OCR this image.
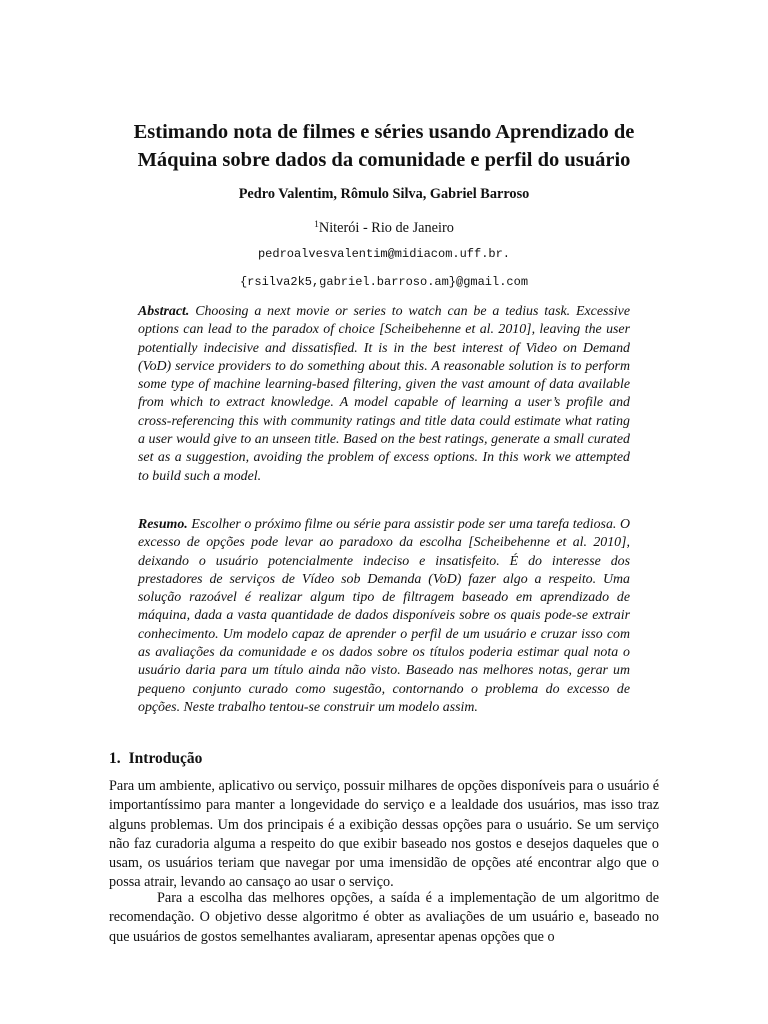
Estimando nota de filmes e séries usando Aprendizado de
Máquina sobre dados da comunidade e perfil do usuário
Pedro Valentim, Rômulo Silva, Gabriel Barroso
$^1$Niterói - Rio de Janeiro
pedroalvesvalentim@midiacom.uff.br.
{rsilva2k5,gabriel.barroso.am}@gmail.com
Abstract. Choosing a next movie or series to watch can be a tedius task. Excessive options can lead to the paradox of choice [Scheibehenne et al. 2010], leaving the user potentially indecisive and dissatisfied. It is in the best interest of Video on Demand (VoD) service providers to do something about this. A reasonable solution is to perform some type of machine learning-based filtering, given the vast amount of data available from which to extract knowledge. A model capable of learning a user’s profile and cross-referencing this with community ratings and title data could estimate what rating a user would give to an unseen title. Based on the best ratings, generate a small curated set as a suggestion, avoiding the problem of excess options. In this work we attempted to build such a model.
Resumo. Escolher o próximo filme ou série para assistir pode ser uma tarefa tediosa. O excesso de opções pode levar ao paradoxo da escolha [Scheibehenne et al. 2010], deixando o usuário potencialmente indeciso e insatisfeito. É do interesse dos prestadores de serviços de Vídeo sob Demanda (VoD) fazer algo a respeito. Uma solução razoável é realizar algum tipo de filtragem baseado em aprendizado de máquina, dada a vasta quantidade de dados disponíveis sobre os quais pode-se extrair conhecimento. Um modelo capaz de aprender o perfil de um usuário e cruzar isso com as avaliações da comunidade e os dados sobre os títulos poderia estimar qual nota o usuário daria para um título ainda não visto. Baseado nas melhores notas, gerar um pequeno conjunto curado como sugestão, contornando o problema do excesso de opções. Neste trabalho tentou-se construir um modelo assim.
1. Introdução

Para um ambiente, aplicativo ou serviço, possuir milhares de opções disponíveis para o usuário é importantíssimo para manter a longevidade do serviço e a lealdade dos usuários, mas isso traz alguns problemas. Um dos principais é a exibição dessas opções para o usuário. Se um serviço não faz curadoria alguma a respeito do que exibir baseado nos gostos e desejos daqueles que o usam, os usuários teriam que navegar por uma imensidão de opções até encontrar algo que o possa atrair, levando ao cansaço ao usar o serviço.

Para a escolha das melhores opções, a saída é a implementação de um algoritmo de recomendação. O objetivo desse algoritmo é obter as avaliações de um usuário e, baseado no que usuários de gostos semelhantes avaliaram, apresentar apenas opções que o
